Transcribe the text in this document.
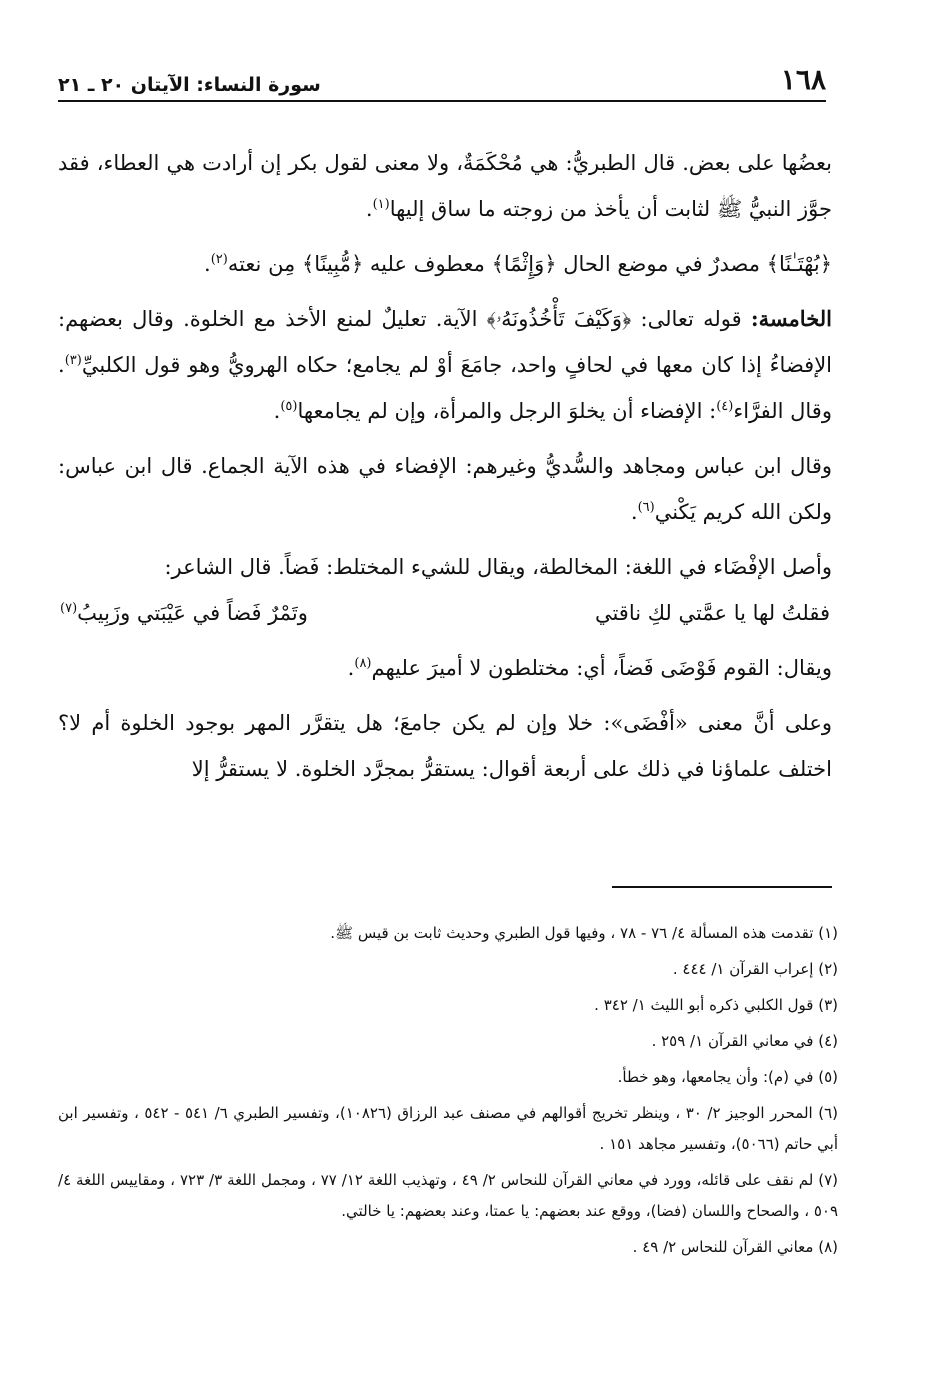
١٦٨
سورة النساء: الآيتان ٢٠ ـ ٢١

بعضُها على بعض. قال الطبريُّ: هي مُحْكَمَةٌ، ولا معنى لقول بكر إن أرادت هي العطاء، فقد جوَّز النبيُّ ﷺ لثابت أن يأخذ من زوجته ما ساق إليها$^{(١)}$.

﴿بُهْتَـٰنًا﴾ مصدرٌ في موضع الحال ﴿وَإِثْمًا﴾ معطوف عليه ﴿مُّبِينًا﴾ مِن نعته$^{(٢)}$.

الخامسة: قوله تعالى: ﴿وَكَيْفَ تَأْخُذُونَهُۥ﴾ الآية. تعليلٌ لمنع الأخذ مع الخلوة. وقال بعضهم: الإفضاءُ إذا كان معها في لحافٍ واحد، جامَعَ أوْ لم يجامع؛ حكاه الهرويُّ وهو قول الكلبيِّ$^{(٣)}$. وقال الفرَّاء$^{(٤)}$: الإفضاء أن يخلوَ الرجل والمرأة، وإن لم يجامعها$^{(٥)}$.

وقال ابن عباس ومجاهد والسُّديُّ وغيرهم: الإفضاء في هذه الآية الجماع. قال ابن عباس: ولكن الله كريم يَكْني$^{(٦)}$.

وأصل الإفْضَاء في اللغة: المخالطة، ويقال للشيء المختلط: فَضاً. قال الشاعر:

فقلتُ لها يا عمَّتي لكِ ناقتي
وتَمْرٌ فَضاً في عَيْبَتي وزَبِيبُ$^{(٧)}$

ويقال: القوم فَوْضَى فَضاً، أي: مختلطون لا أميرَ عليهم$^{(٨)}$.

وعلى أنَّ معنى «أفْضَى»: خلا وإن لم يكن جامعَ؛ هل يتقرَّر المهر بوجود الخلوة أم لا؟ اختلف علماؤنا في ذلك على أربعة أقوال: يستقرُّ بمجرَّد الخلوة. لا يستقرُّ إلا

(١) تقدمت هذه المسألة ٤/ ٧٦ - ٧٨ ، وفيها قول الطبري وحديث ثابت بن قيس ﷺ.
(٢) إعراب القرآن ١/ ٤٤٤ .
(٣) قول الكلبي ذكره أبو الليث ١/ ٣٤٢ .
(٤) في معاني القرآن ١/ ٢٥٩ .
(٥) في (م): وأن يجامعها، وهو خطأ.
(٦) المحرر الوجيز ٢/ ٣٠ ، وينظر تخريج أقوالهم في مصنف عبد الرزاق (١٠٨٢٦)، وتفسير الطبري ٦/ ٥٤١ - ٥٤٢ ، وتفسير ابن أبي حاتم (٥٠٦٦)، وتفسير مجاهد ١٥١ .
(٧) لم نقف على قائله، وورد في معاني القرآن للنحاس ٢/ ٤٩ ، وتهذيب اللغة ١٢/ ٧٧ ، ومجمل اللغة ٣/ ٧٢٣ ، ومقاييس اللغة ٤/ ٥٠٩ ، والصحاح واللسان (فضا)، ووقع عند بعضهم: يا عمتا، وعند بعضهم: يا خالتي.
(٨) معاني القرآن للنحاس ٢/ ٤٩ .
